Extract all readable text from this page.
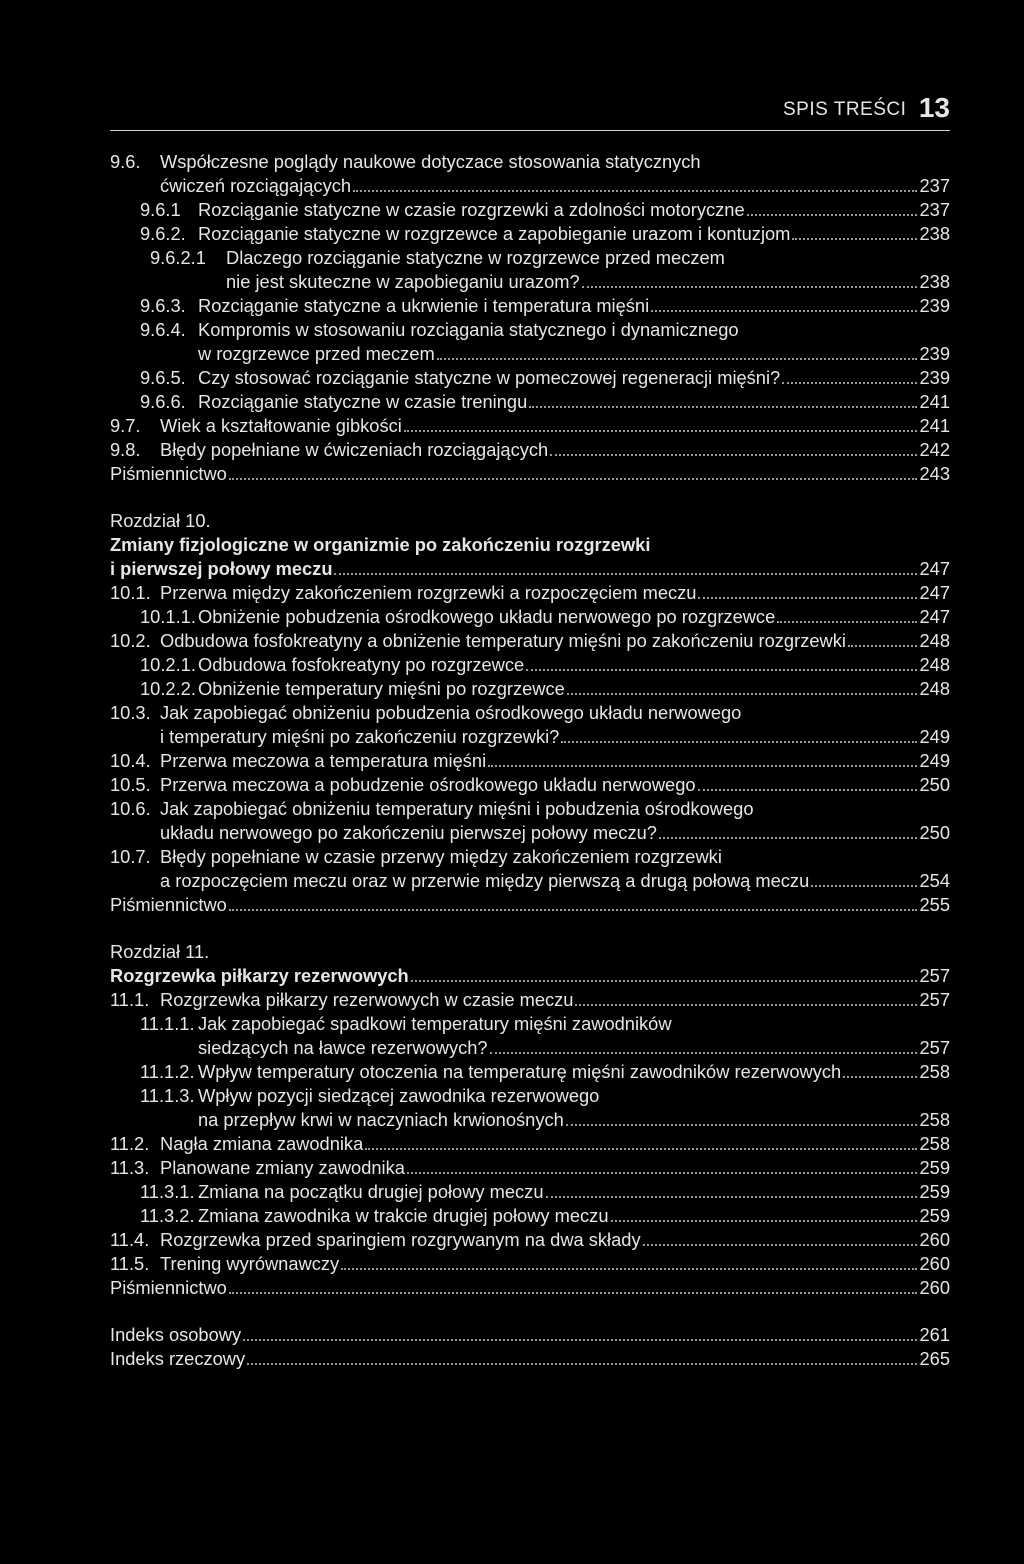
SPIS TREŚCI 13
9.6. Współczesne poglądy naukowe dotyczace stosowania statycznych
ćwiczeń rozciągających	237
9.6.1 Rozciąganie statyczne w czasie rozgrzewki a zdolności motoryczne	237
9.6.2. Rozciąganie statyczne w rozgrzewce a zapobieganie urazom i kontuzjom	238
9.6.2.1 Dlaczego rozciąganie statyczne w rozgrzewce przed meczem
nie jest skuteczne w zapobieganiu urazom?	238
9.6.3. Rozciąganie statyczne a ukrwienie i temperatura mięśni	239
9.6.4. Kompromis w stosowaniu rozciągania statycznego i dynamicznego
w rozgrzewce przed meczem	239
9.6.5. Czy stosować rozciąganie statyczne w pomeczowej regeneracji mięśni?	239
9.6.6. Rozciąganie statyczne w czasie treningu	241
9.7. Wiek a kształtowanie gibkości	241
9.8. Błędy popełniane w ćwiczeniach rozciągających	242
Piśmiennictwo	243
Rozdział 10.
Zmiany fizjologiczne w organizmie po zakończeniu rozgrzewki
i pierwszej połowy meczu	247
10.1. Przerwa między zakończeniem rozgrzewki a rozpoczęciem meczu	247
10.1.1. Obniżenie pobudzenia ośrodkowego układu nerwowego po rozgrzewce	247
10.2. Odbudowa fosfokreatyny a obniżenie temperatury mięśni po zakończeniu rozgrzewki	248
10.2.1. Odbudowa fosfokreatyny po rozgrzewce	248
10.2.2. Obniżenie temperatury mięśni po rozgrzewce	248
10.3. Jak zapobiegać obniżeniu pobudzenia ośrodkowego układu nerwowego
i temperatury mięśni po zakończeniu rozgrzewki?	249
10.4. Przerwa meczowa a temperatura mięśni	249
10.5. Przerwa meczowa a pobudzenie ośrodkowego układu nerwowego	250
10.6. Jak zapobiegać obniżeniu temperatury mięśni i pobudzenia ośrodkowego
układu nerwowego po zakończeniu pierwszej połowy meczu?	250
10.7. Błędy popełniane w czasie przerwy między zakończeniem rozgrzewki
a rozpoczęciem meczu oraz w przerwie między pierwszą a drugą połową meczu	254
Piśmiennictwo	255
Rozdział 11.
Rozgrzewka piłkarzy rezerwowych	257
11.1. Rozgrzewka piłkarzy rezerwowych w czasie meczu	257
11.1.1. Jak zapobiegać spadkowi temperatury mięśni zawodników
siedzących na ławce rezerwowych?	257
11.1.2. Wpływ temperatury otoczenia na temperaturę mięśni zawodników rezerwowych	258
11.1.3. Wpływ pozycji siedzącej zawodnika rezerwowego
na przepływ krwi w naczyniach krwionośnych	258
11.2. Nagła zmiana zawodnika	258
11.3. Planowane zmiany zawodnika	259
11.3.1. Zmiana na początku drugiej połowy meczu	259
11.3.2. Zmiana zawodnika w trakcie drugiej połowy meczu	259
11.4. Rozgrzewka przed sparingiem rozgrywanym na dwa składy	260
11.5. Trening wyrównawczy	260
Piśmiennictwo	260
Indeks osobowy	261
Indeks rzeczowy	265
